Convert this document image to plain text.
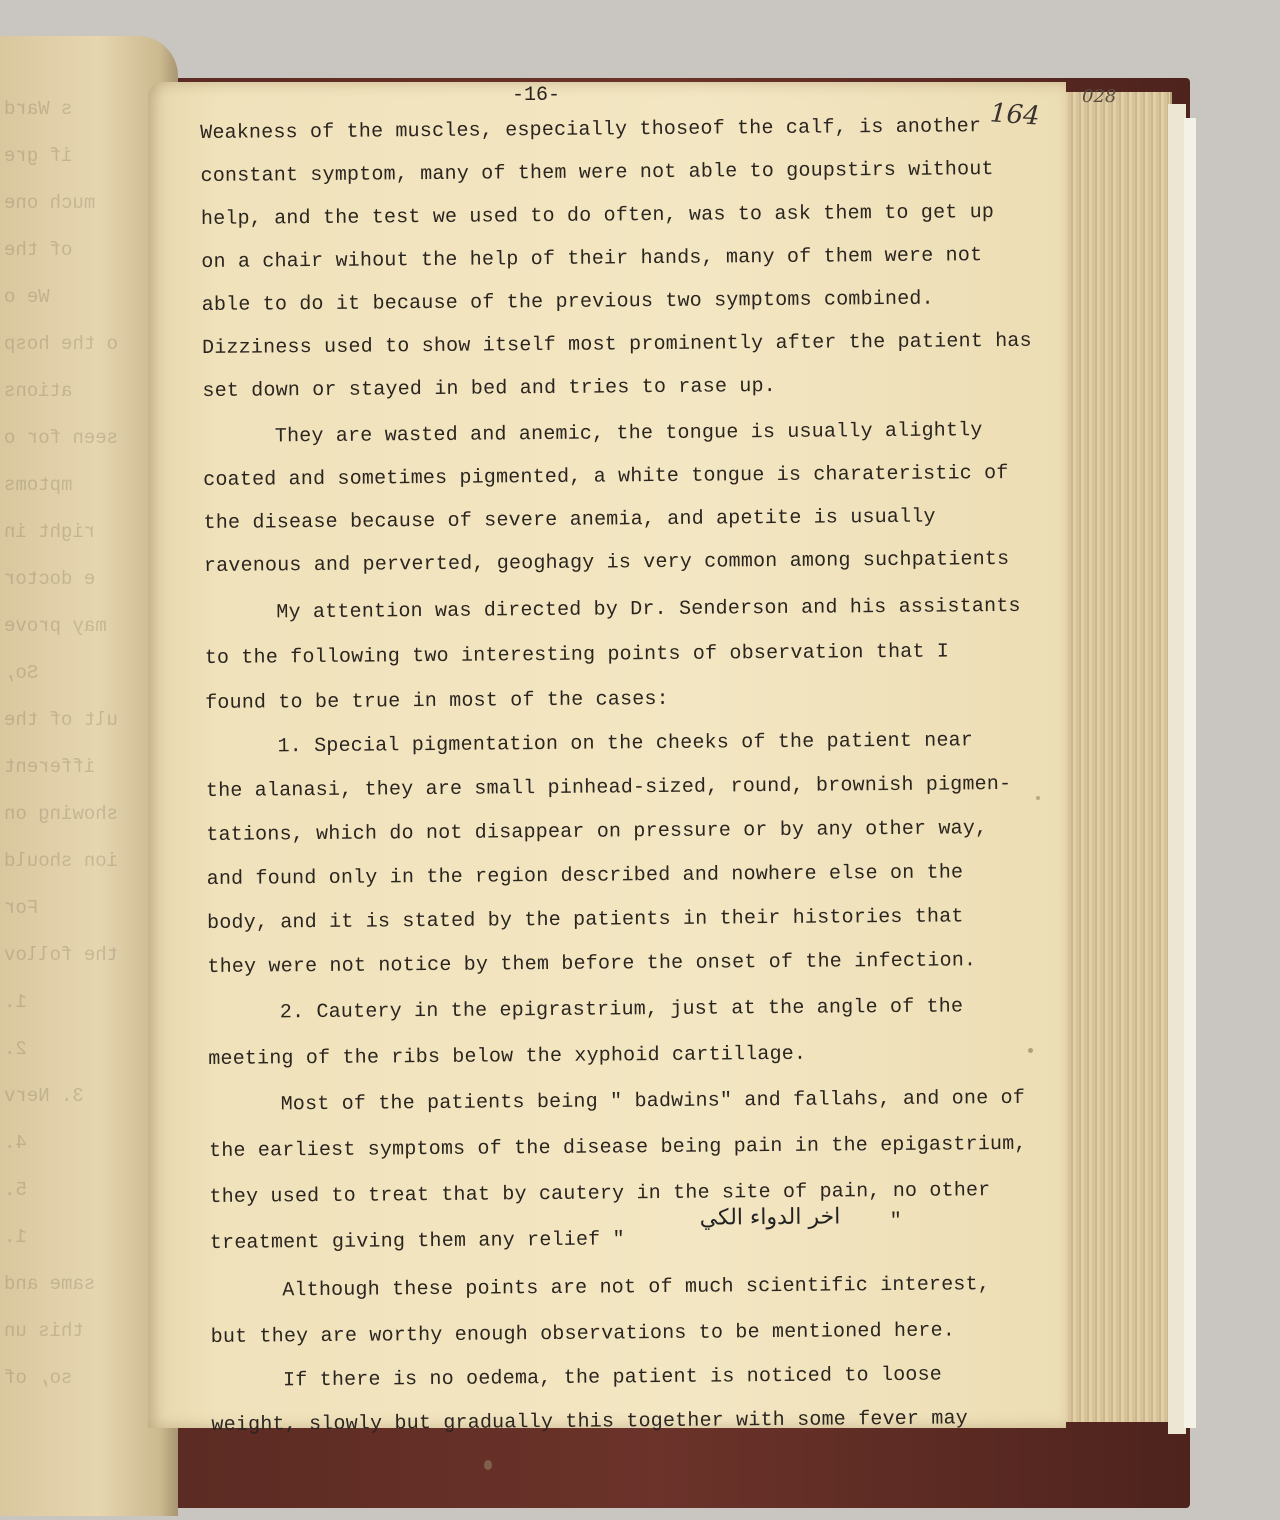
s Ward
if gre
much one
of the
We o
o the hosp
ations
seen for o
mptoms
right in
e doctor
may prove
So,
ult of the
ifferent
showing on
ion should
For
the follov
1.
2.
3. Nerv
4.
5.
1.
same and
this un
so, of
-16-
164
028
Weakness of the muscles, especially thoseof the calf, is another
constant symptom, many of them were not able to goupstirs without
help, and the test we used to do often, was to ask them to get up
on a chair wihout the help of their hands, many of them were not
able to do it because of the previous two symptoms combined.
Dizziness used to show itself most prominently after the patient has
set down or stayed in bed and tries to rase up.
They are wasted and anemic, the tongue is usually alightly
coated and sometimes pigmented, a white tongue is charateristic of
the disease because of severe anemia, and apetite is usually
ravenous and perverted, geoghagy is very common among suchpatients
My attention was directed by Dr. Senderson and his assistants
to the following two interesting points of observation that I
found to be true in most of the cases:
1. Special pigmentation on the cheeks of the patient near
the alanasi, they are small pinhead-sized, round, brownish pigmen-
tations, which do not disappear on pressure or by any other way,
and found only in the region described and nowhere else on the
body, and it is stated by the patients in their histories that
they were not notice by them before the onset of the infection.
2. Cautery in the epigrastrium, just at the angle of the
meeting of the ribs below the xyphoid cartillage.
Most of the patients being " badwins" and fallahs, and one of
the earliest symptoms of the disease being pain in the epigastrium,
they used to treat that by cautery in the site of pain, no other
treatment giving them any relief "
اخر الدواء الكي "
Although these points are not of much scientific interest,
but they are worthy enough observations to be mentioned here.
If there is no oedema, the patient is noticed to loose
weight, slowly but gradually this together with some fever may
